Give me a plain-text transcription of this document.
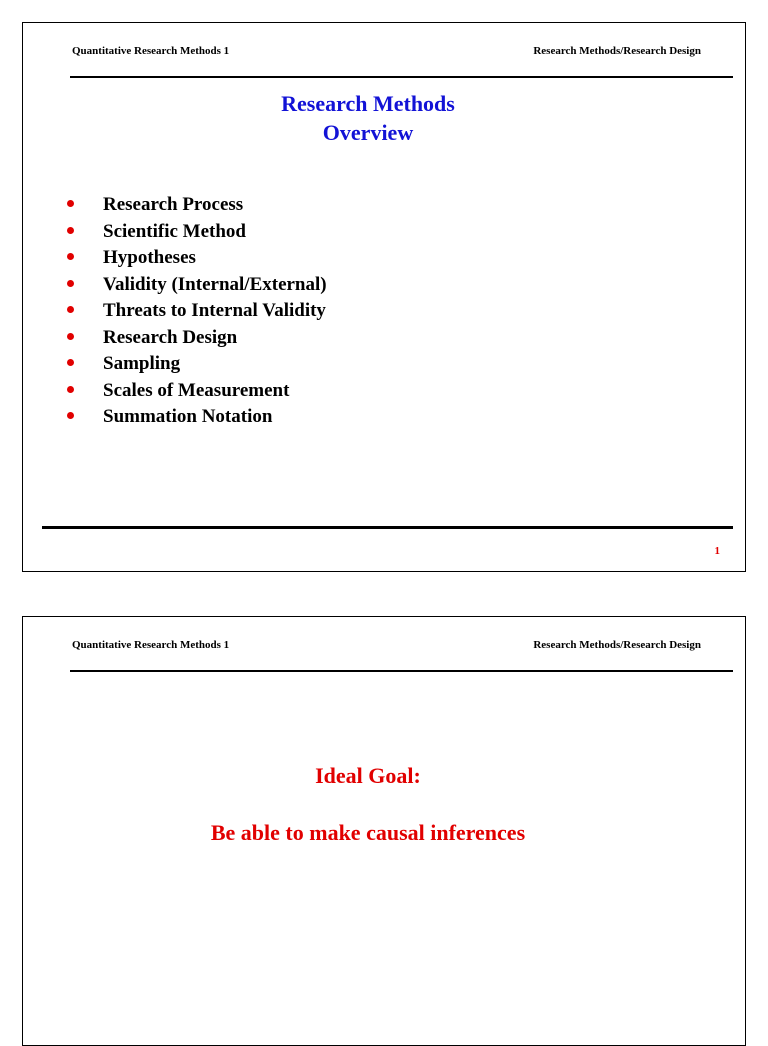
Quantitative Research Methods 1	Research Methods/Research Design
Research Methods
Overview
Research Process
Scientific Method
Hypotheses
Validity (Internal/External)
Threats to Internal Validity
Research Design
Sampling
Scales of Measurement
Summation Notation
1
Quantitative Research Methods 1	Research Methods/Research Design
Ideal Goal:
Be able to make causal inferences
